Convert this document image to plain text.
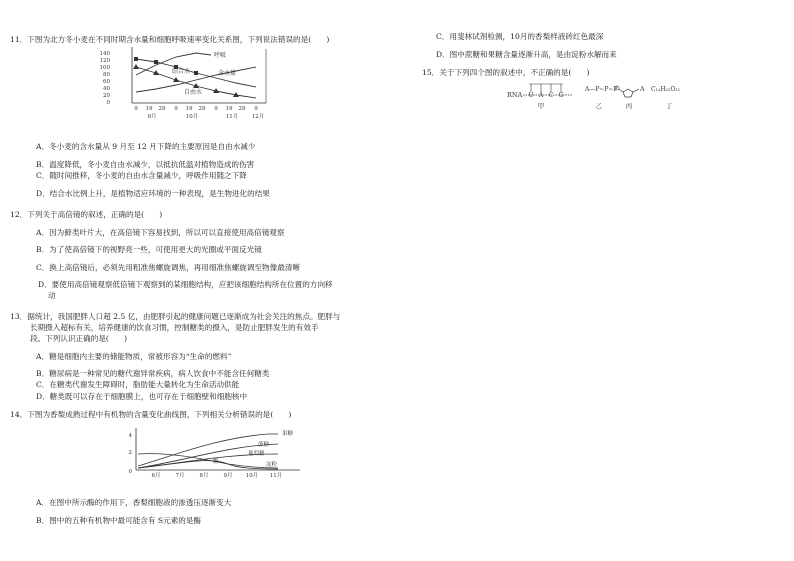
11．下图为北方冬小麦在不同时期含水量和细胞呼吸速率变化关系图，下列说法错误的是(　　)
140
120
100
80
60
40
20
0
呼吸
结合水	含水量
自由水
9 19 29 9 19 29 9 19 29 9
9月	10月	11月 12月
A．冬小麦的含水量从 9 月至 12 月下降的主要原因是自由水减少
B．温度降低，冬小麦自由水减少，以抵抗低温对植物造成的伤害
C．随时间推移，冬小麦的自由水含量减少，呼吸作用随之下降
D．结合水比例上升，是植物适应环境的一种表现，是生物进化的结果
12．下列关于高倍镜的叙述，正确的是(　　)
A．因为藓类叶片大，在高倍镜下容易找到，所以可以直接使用高倍镜观察
B．为了使高倍镜下的视野亮一些，可使用更大的光圈或平面反光镜
C．换上高倍镜后，必须先用粗准焦螺旋调焦，再用细准焦螺旋调至物像最清晰
D．要使用高倍镜观察低倍镜下观察到的某细胞结构，应把该细胞结构所在位置的方向移
动
13．据统计，我国肥胖人口超 2.5 亿，由肥胖引起的健康问题已逐渐成为社会关注的焦点。肥胖与
长期摄入超标有关，培养健康的饮食习惯，控制糖类的摄入，是防止肥胖发生的有效手
段。下列认识正确的是(　　)
A．糖是细胞内主要的储能物质，常被形容为“生命的燃料”
B．糖尿病是一种常见的糖代谢异常疾病，病人饮食中不能含任何糖类
C．在糖类代谢发生障碍时，脂肪能大量转化为生命活动供能
D．糖类既可以存在于细胞膜上，也可存在于细胞壁和细胞核中
14．下图为香梨成熟过程中有机物的含量变化曲线图，下列相关分析错误的是(　　)
4
2
0
果糖
蔗糖
葡萄糖
酶	淀粉
6月	7月	8月	9月 10月 11月
A．在图中所示酶的作用下，香梨细胞液的渗透压逐渐变大
B．图中的五种有机物中最可能含有 S元素的是酶
C．用斐林试剂检测，10月的香梨样液砖红色最深
D．图中蔗糖和果糖含量逐渐升高，是由淀粉水解而来
15．关于下列四个图的叙述中，不正确的是(　　)
RNA U A C G
A—P~P~P	A C₁₂H₂₂O₁₁
甲	乙	丙	丁
